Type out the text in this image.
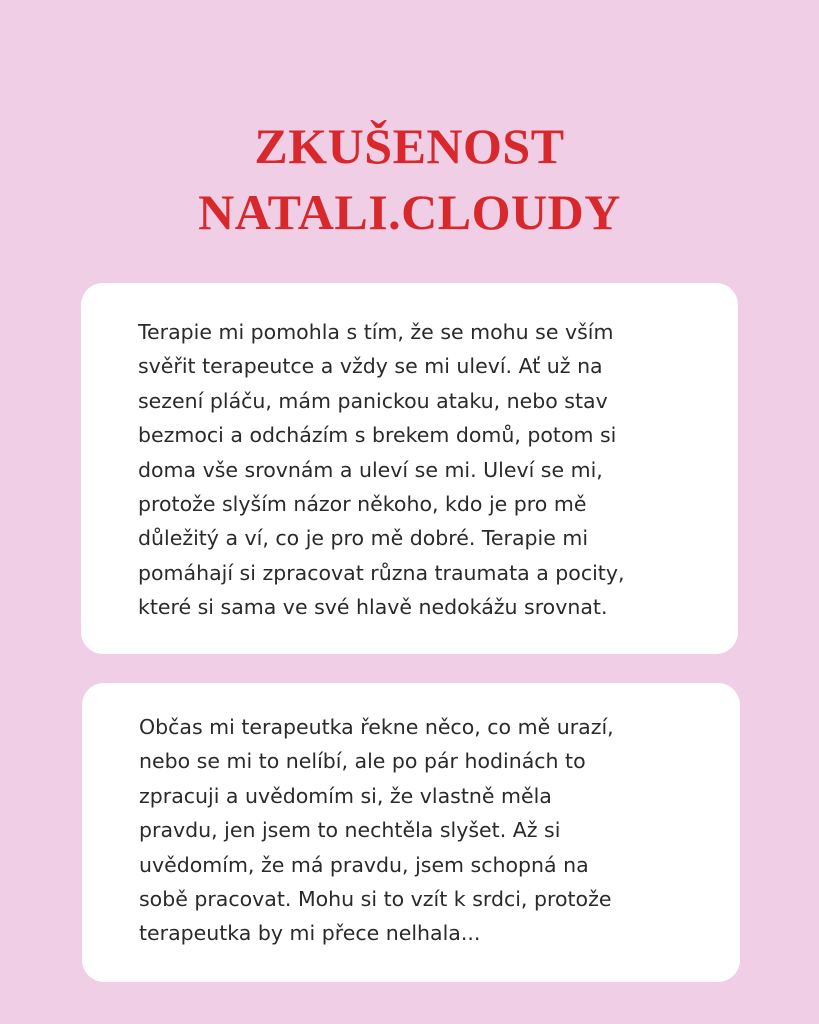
ZKUŠENOST
NATALI.CLOUDY

Terapie mi pomohla s tím, že se mohu se vším
svěřit terapeutce a vždy se mi uleví. Ať už na
sezení pláču, mám panickou ataku, nebo stav
bezmoci a odcházím s brekem domů, potom si
doma vše srovnám a uleví se mi. Uleví se mi,
protože slyším názor někoho, kdo je pro mě
důležitý a ví, co je pro mě dobré. Terapie mi
pomáhají si zpracovat různa traumata a pocity,
které si sama ve své hlavě nedokážu srovnat.

Občas mi terapeutka řekne něco, co mě urazí,
nebo se mi to nelíbí, ale po pár hodinách to
zpracuji a uvědomím si, že vlastně měla
pravdu, jen jsem to nechtěla slyšet. Až si
uvědomím, že má pravdu, jsem schopná na
sobě pracovat. Mohu si to vzít k srdci, protože
terapeutka by mi přece nelhala...
